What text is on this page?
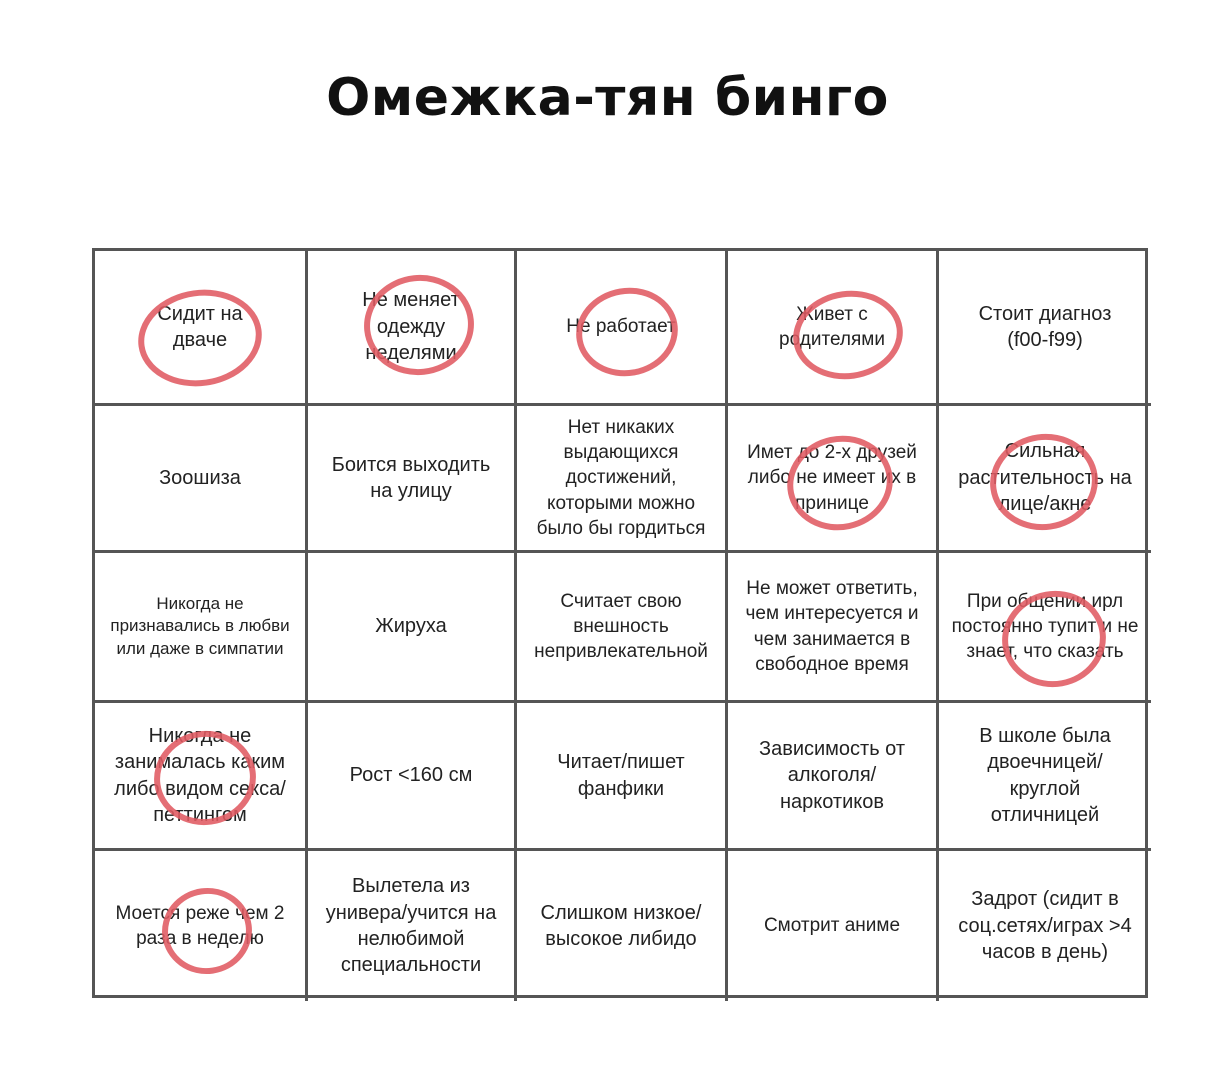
Омежка-тян бинго
Сидит на дваче
Не меняет одежду неделями
Не работает
Живет с родителями
Стоит диагноз (f00-f99)
Зоошиза
Боится выходить на улицу
Нет никаких выдающихся достижений, которыми можно было бы гордиться
Имет до 2-х друзей либо не имеет их в принице
Сильная растительность на лице/акне
Никогда не признавались в любви или даже в симпатии
Жируха
Считает свою внешность непривлекательной
Не может ответить, чем интересуется и чем занимается в свободное время
При общении ирл постоянно тупит и не знает, что сказать
Никогда не занималась каким либо видом секса/петтингом
Рост <160 см
Читает/пишет фанфики
Зависимость от алкоголя/ наркотиков
В школе была двоечницей/ круглой отличницей
Моется реже чем 2 раза в неделю
Вылетела из универа/учится на нелюбимой специальности
Слишком низкое/высокое либидо
Смотрит аниме
Задрот (сидит в соц.сетях/играх >4 часов в день)
